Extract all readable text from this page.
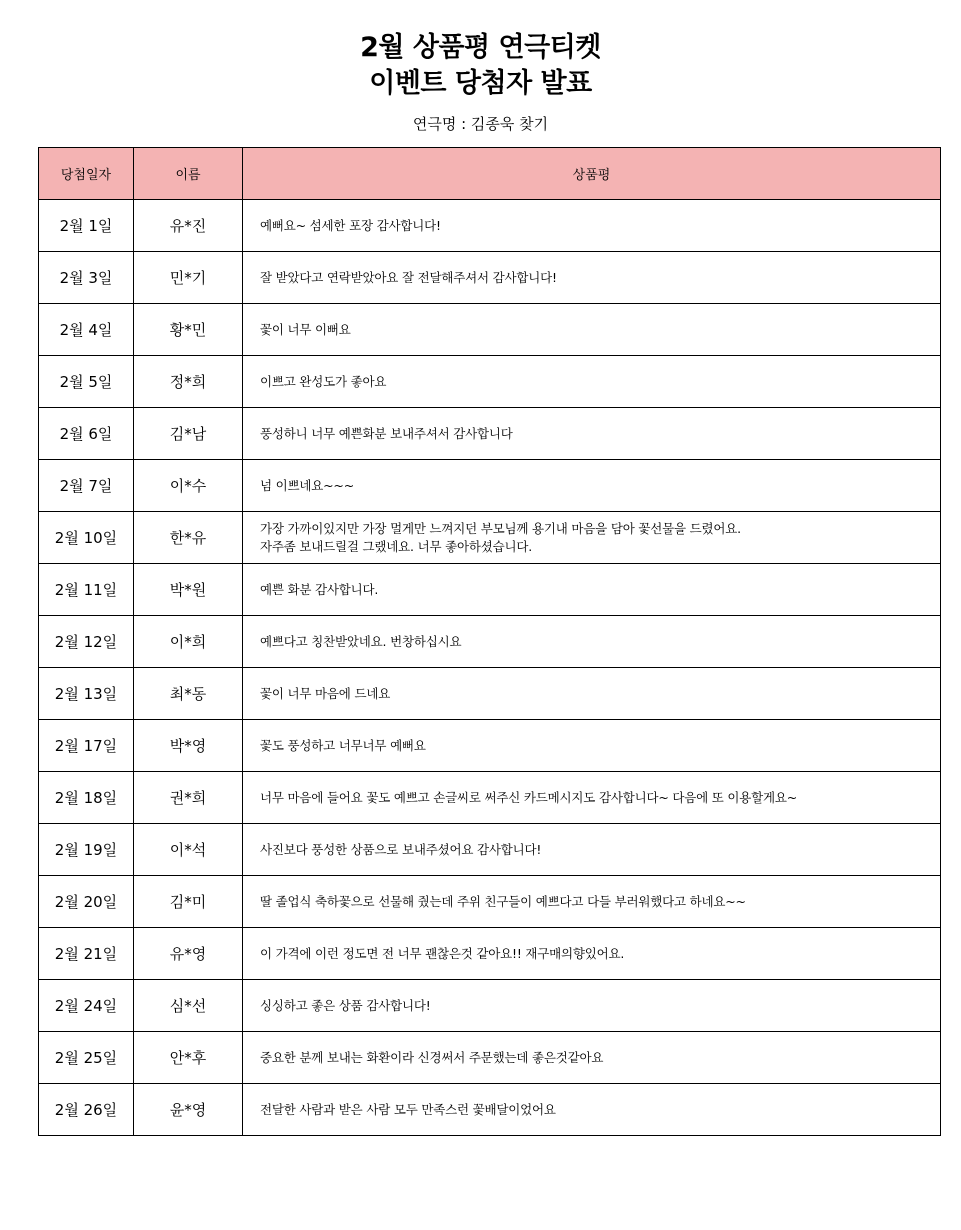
2월 상품평 연극티켓
이벤트 당첨자 발표
연극명 : 김종욱 찾기
당첨일자	이름	상품평
2월 1일	유*진	예뻐요~ 섬세한 포장 감사합니다!
2월 3일	민*기	잘 받았다고 연락받았아요 잘 전달해주셔서 감사합니다!
2월 4일	황*민	꽃이 너무 이뻐요
2월 5일	정*희	이쁘고 완성도가 좋아요
2월 6일	김*남	풍성하니 너무 예쁜화분 보내주셔서 감사합니다
2월 7일	이*수	넘 이쁘네요~~~
2월 10일	한*유	가장 가까이있지만 가장 멀게만 느껴지던 부모님께 용기내 마음을 담아 꽃선물을 드렸어요.
자주좀 보내드릴걸 그랬네요. 너무 좋아하셨습니다.
2월 11일	박*원	예쁜 화분 감사합니다.
2월 12일	이*희	예쁘다고 칭찬받았네요. 번창하십시요
2월 13일	최*동	꽃이 너무 마음에 드네요
2월 17일	박*영	꽃도 풍성하고 너무너무 예뻐요
2월 18일	권*희	너무 마음에 들어요 꽃도 예쁘고 손글씨로 써주신 카드메시지도 감사합니다~ 다음에 또 이용할게요~
2월 19일	이*석	사진보다 풍성한 상품으로 보내주셨어요 감사합니다!
2월 20일	김*미	딸 졸업식 축하꽃으로 선물해 줬는데 주위 친구들이 예쁘다고 다들 부러워했다고 하네요~~
2월 21일	유*영	이 가격에 이런 정도면 전 너무 괜찮은것 같아요!! 재구매의향있어요.
2월 24일	심*선	싱싱하고 좋은 상품 감사합니다!
2월 25일	안*후	중요한 분께 보내는 화환이라 신경써서 주문했는데 좋은것같아요
2월 26일	윤*영	전달한 사람과 받은 사람 모두 만족스런 꽃배달이었어요
